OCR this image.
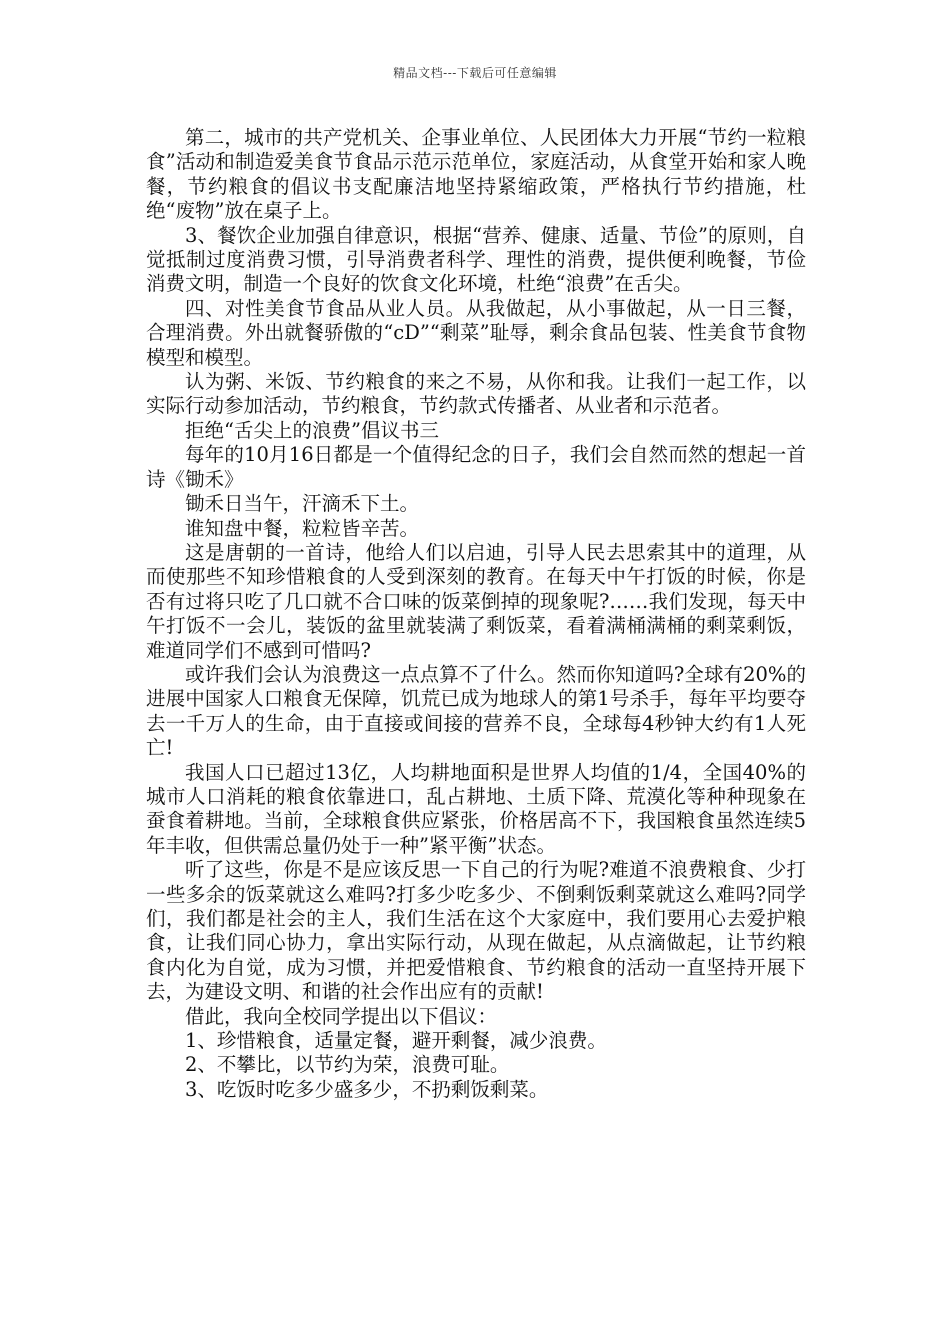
精品文档---下载后可任意编辑

第二，城市的共产党机关、企事业单位、人民团体大力开展“节约一粒粮食”活动和制造爱美食节食品示范示范单位，家庭活动，从食堂开始和家人晚餐，节约粮食的倡议书支配廉洁地坚持紧缩政策，严格执行节约措施，杜绝“废物”放在桌子上。

3、餐饮企业加强自律意识，根据“营养、健康、适量、节俭”的原则，自觉抵制过度消费习惯，引导消费者科学、理性的消费，提供便利晚餐，节俭消费文明，制造一个良好的饮食文化环境，杜绝“浪费”在舌尖。

四、对性美食节食品从业人员。从我做起，从小事做起，从一日三餐，合理消费。外出就餐骄傲的“cD”“剩菜”耻辱，剩余食品包装、性美食节食物模型和模型。

认为粥、米饭、节约粮食的来之不易，从你和我。让我们一起工作，以实际行动参加活动，节约粮食，节约款式传播者、从业者和示范者。

拒绝“舌尖上的浪费”倡议书三

每年的10月16日都是一个值得纪念的日子，我们会自然而然的想起一首诗《锄禾》

锄禾日当午，汗滴禾下土。

谁知盘中餐，粒粒皆辛苦。

这是唐朝的一首诗，他给人们以启迪，引导人民去思索其中的道理，从而使那些不知珍惜粮食的人受到深刻的教育。在每天中午打饭的时候，你是否有过将只吃了几口就不合口味的饭菜倒掉的现象呢?……我们发现，每天中午打饭不一会儿，装饭的盆里就装满了剩饭菜，看着满桶满桶的剩菜剩饭，难道同学们不感到可惜吗?

或许我们会认为浪费这一点点算不了什么。然而你知道吗?全球有20%的进展中国家人口粮食无保障，饥荒已成为地球人的第1号杀手，每年平均要夺去一千万人的生命，由于直接或间接的营养不良，全球每4秒钟大约有1人死亡!

我国人口已超过13亿，人均耕地面积是世界人均值的1/4，全国40%的城市人口消耗的粮食依靠进口，乱占耕地、土质下降、荒漠化等种种现象在蚕食着耕地。当前，全球粮食供应紧张，价格居高不下，我国粮食虽然连续5年丰收，但供需总量仍处于一种”紧平衡”状态。

听了这些，你是不是应该反思一下自己的行为呢?难道不浪费粮食、少打一些多余的饭菜就这么难吗?打多少吃多少、不倒剩饭剩菜就这么难吗?同学们，我们都是社会的主人，我们生活在这个大家庭中，我们要用心去爱护粮食，让我们同心协力，拿出实际行动，从现在做起，从点滴做起，让节约粮食内化为自觉，成为习惯，并把爱惜粮食、节约粮食的活动一直坚持开展下去，为建设文明、和谐的社会作出应有的贡献!

借此，我向全校同学提出以下倡议：

1、珍惜粮食，适量定餐，避开剩餐，减少浪费。

2、不攀比，以节约为荣，浪费可耻。

3、吃饭时吃多少盛多少，不扔剩饭剩菜。
